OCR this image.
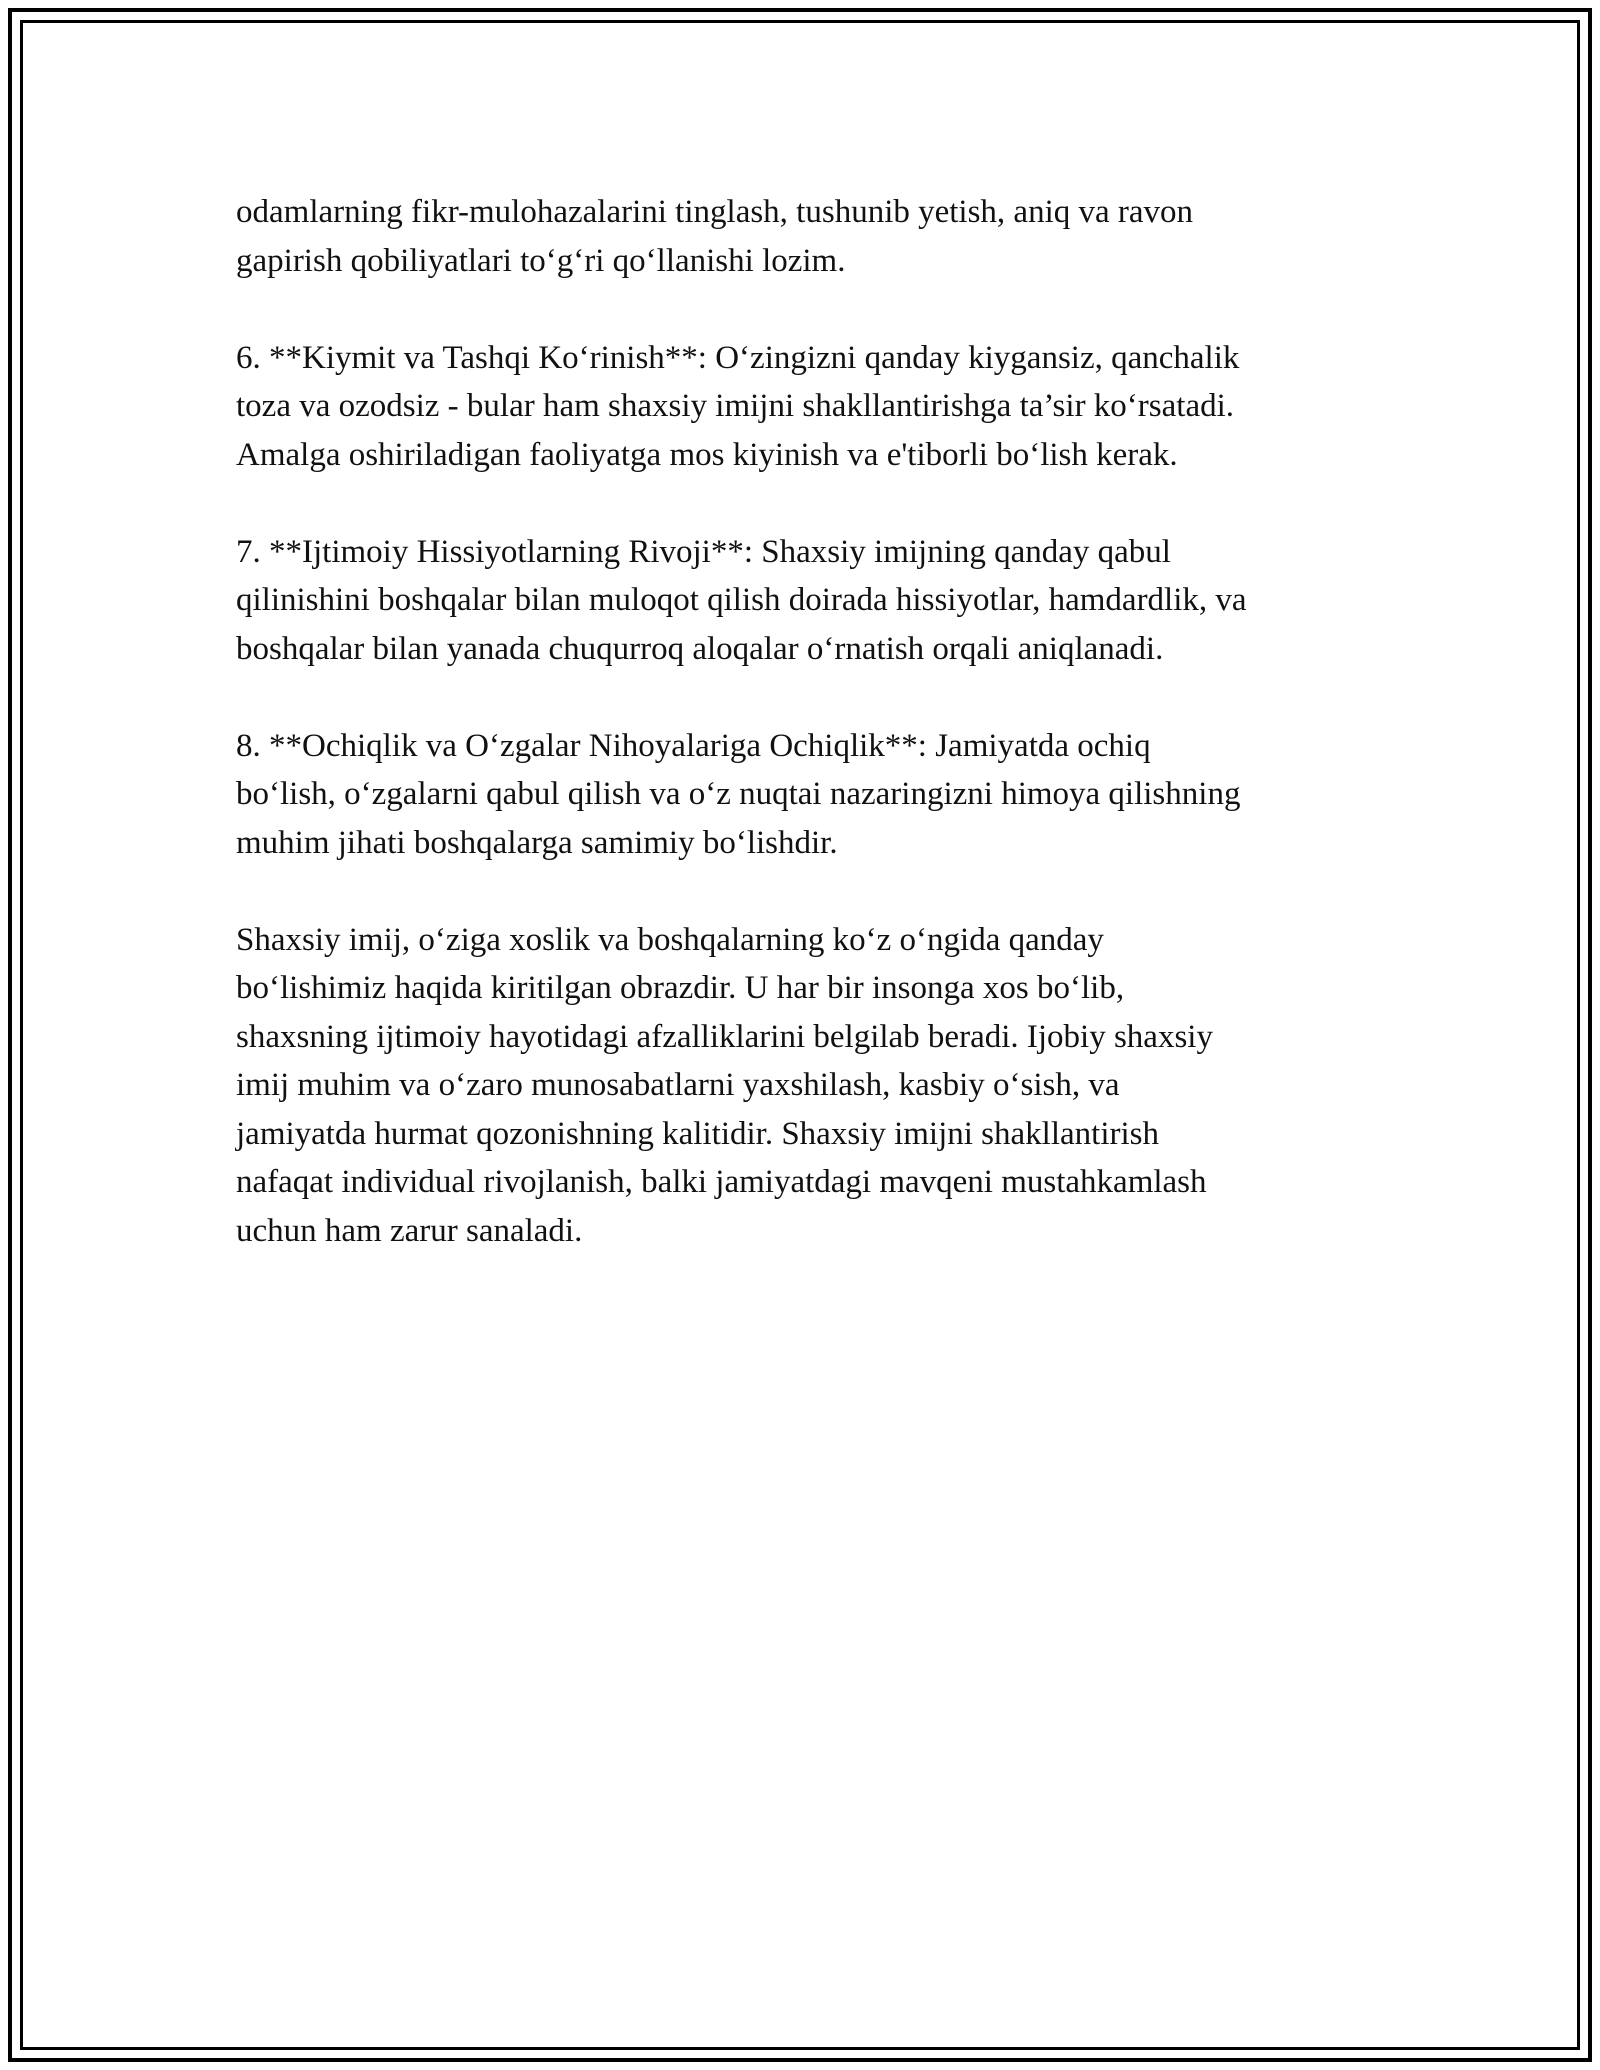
odamlarning fikr-mulohazalarini tinglash, tushunib yetish, aniq va ravon
gapirish qobiliyatlari to‘g‘ri qo‘llanishi lozim.

6. **Kiymit va Tashqi Ko‘rinish**: O‘zingizni qanday kiygansiz, qanchalik
toza va ozodsiz - bular ham shaxsiy imijni shakllantirishga ta’sir ko‘rsatadi.
Amalga oshiriladigan faoliyatga mos kiyinish va e'tiborli bo‘lish kerak.

7. **Ijtimoiy Hissiyotlarning Rivoji**: Shaxsiy imijning qanday qabul
qilinishini boshqalar bilan muloqot qilish doirada hissiyotlar, hamdardlik, va
boshqalar bilan yanada chuqurroq aloqalar o‘rnatish orqali aniqlanadi.

8. **Ochiqlik va O‘zgalar Nihoyalariga Ochiqlik**: Jamiyatda ochiq
bo‘lish, o‘zgalarni qabul qilish va o‘z nuqtai nazaringizni himoya qilishning
muhim jihati boshqalarga samimiy bo‘lishdir.

Shaxsiy imij, o‘ziga xoslik va boshqalarning ko‘z o‘ngida qanday
bo‘lishimiz haqida kiritilgan obrazdir. U har bir insonga xos bo‘lib,
shaxsning ijtimoiy hayotidagi afzalliklarini belgilab beradi. Ijobiy shaxsiy
imij muhim va o‘zaro munosabatlarni yaxshilash, kasbiy o‘sish, va
jamiyatda hurmat qozonishning kalitidir. Shaxsiy imijni shakllantirish
nafaqat individual rivojlanish, balki jamiyatdagi mavqeni mustahkamlash
uchun ham zarur sanaladi.
